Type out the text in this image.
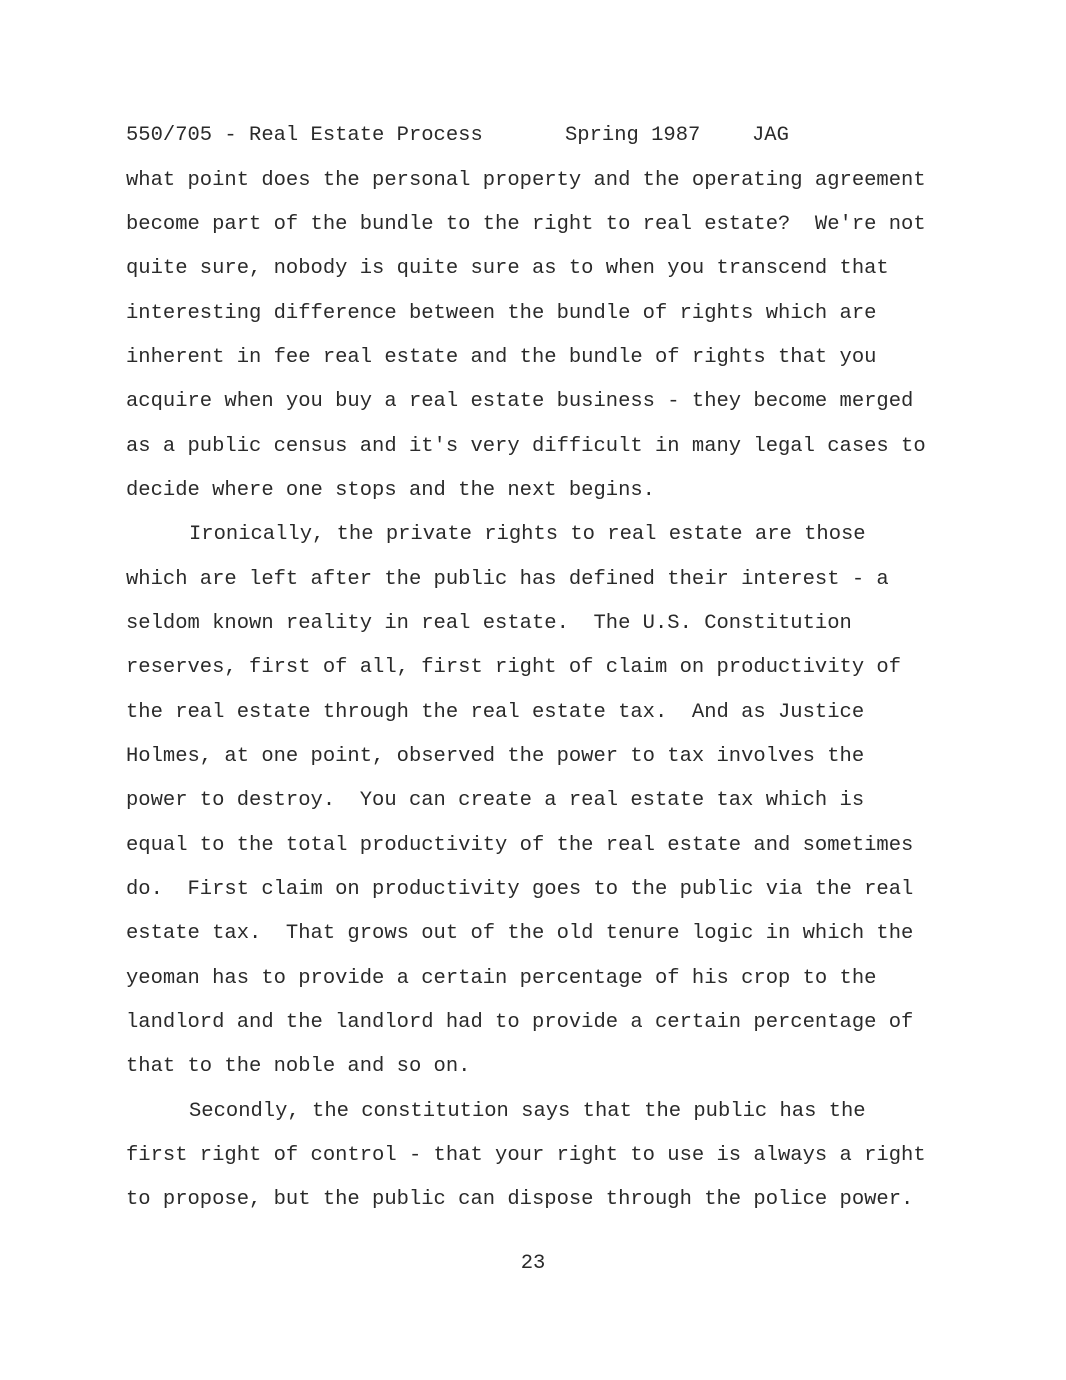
550/705 - Real Estate Process	Spring 1987	JAG
what point does the personal property and the operating agreement
become part of the bundle to the right to real estate?  We're not
quite sure, nobody is quite sure as to when you transcend that
interesting difference between the bundle of rights which are
inherent in fee real estate and the bundle of rights that you
acquire when you buy a real estate business - they become merged
as a public census and it's very difficult in many legal cases to
decide where one stops and the next begins.
Ironically, the private rights to real estate are those
which are left after the public has defined their interest - a
seldom known reality in real estate.  The U.S. Constitution
reserves, first of all, first right of claim on productivity of
the real estate through the real estate tax.  And as Justice
Holmes, at one point, observed the power to tax involves the
power to destroy.  You can create a real estate tax which is
equal to the total productivity of the real estate and sometimes
do.  First claim on productivity goes to the public via the real
estate tax.  That grows out of the old tenure logic in which the
yeoman has to provide a certain percentage of his crop to the
landlord and the landlord had to provide a certain percentage of
that to the noble and so on.
Secondly, the constitution says that the public has the
first right of control - that your right to use is always a right
to propose, but the public can dispose through the police power.
23
